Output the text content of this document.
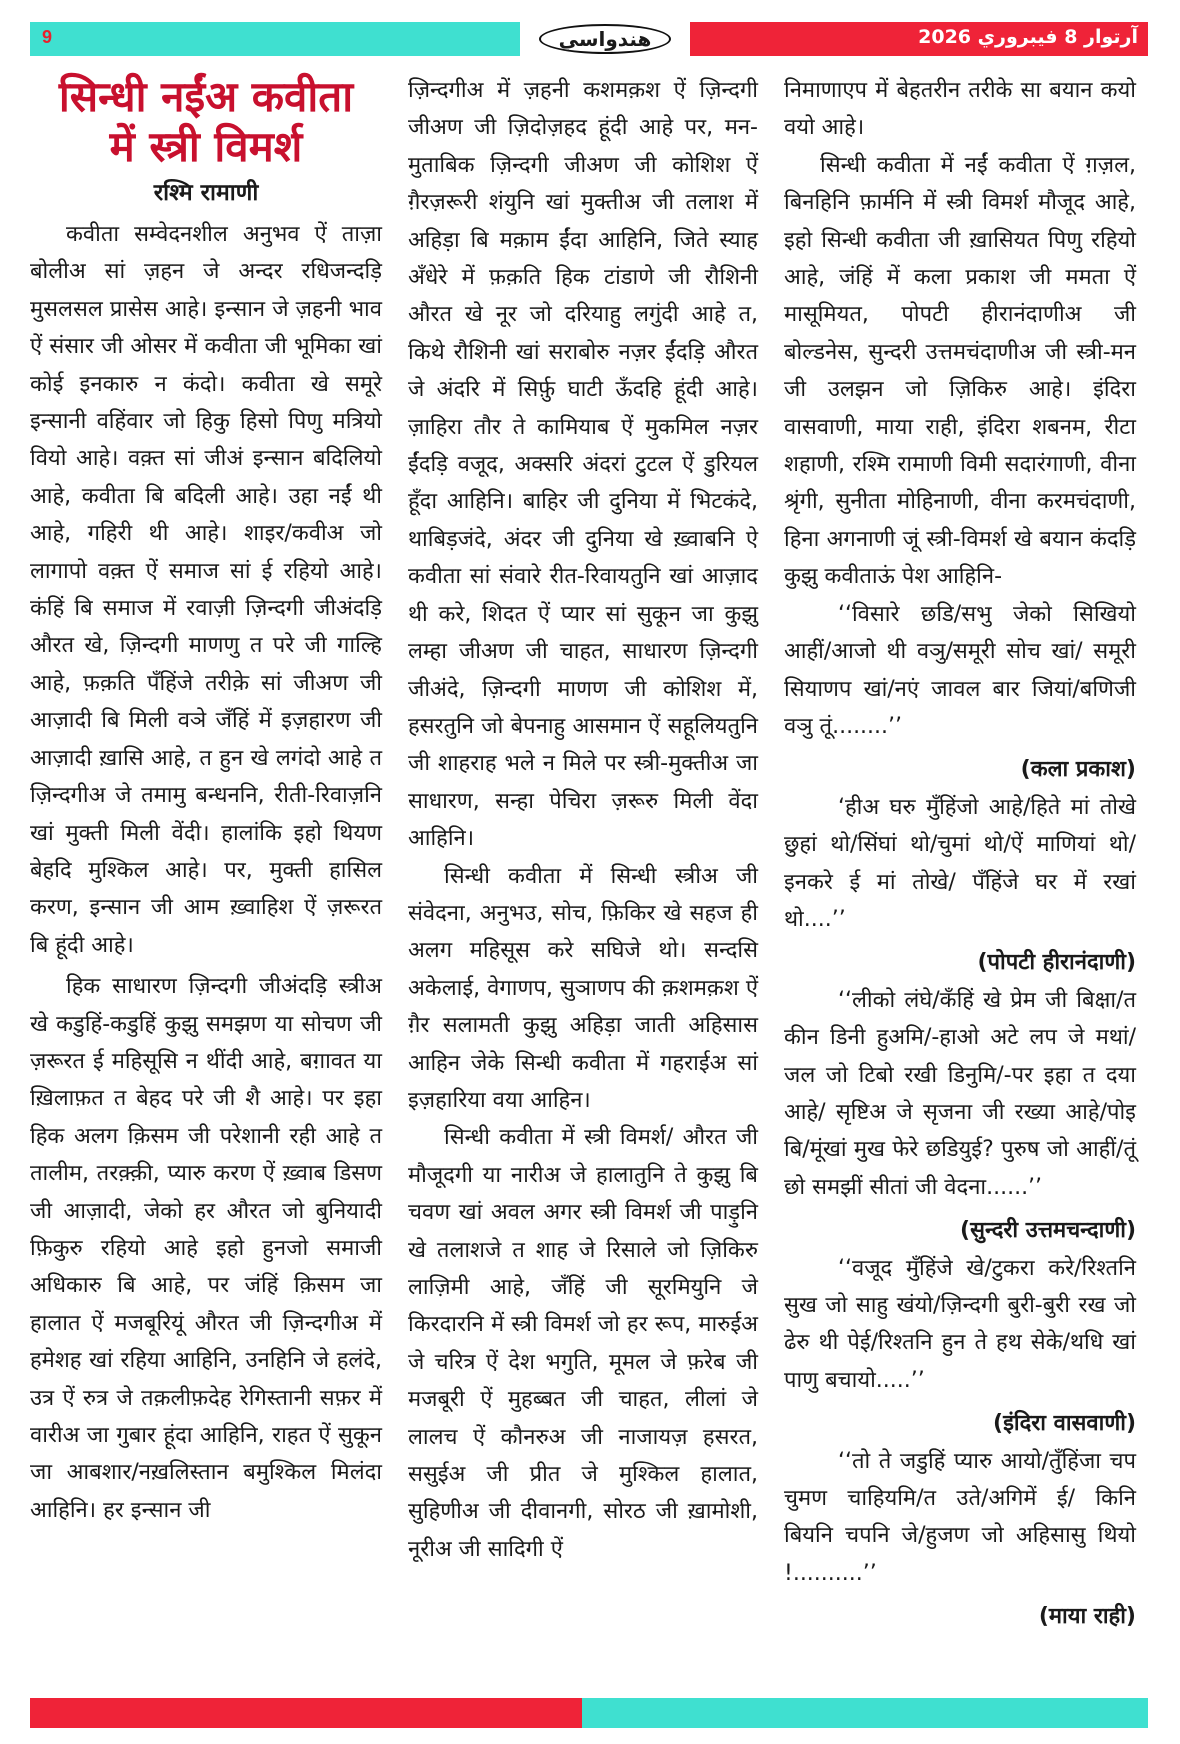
9	هندواسي	آرتوار 8 فيبروري 2026
सिन्धी नईंअ कवीता
में स्त्री विमर्श
रश्मि रामाणी

कवीता सम्वेदनशील अनुभव ऐं ताज़ा बोलीअ सां ज़हन जे अन्दर रधिजन्दड़ि मुसलसल प्रासेस आहे। इन्सान जे ज़हनी भाव ऐं संसार जी ओसर में कवीता जी भूमिका खां कोई इनकारु न कंदो। कवीता खे समूरे इन्सानी वहिंवार जो हिकु हिसो पिणु मत्रियो वियो आहे। वक़्त सां जीअं इन्सान बदिलियो आहे, कवीता बि बदिली आहे। उहा नईं थी आहे, गहिरी थी आहे। शाइर/कवीअ जो लागापो वक़्त ऐं समाज सां ई रहियो आहे। कंहिं बि समाज में रवाज़ी ज़िन्दगी जीअंदड़ि औरत खे, ज़िन्दगी माणणु त परे जी गाल्हि आहे, फ़क़ति पँहिंजे तरीक़े सां जीअण जी आज़ादी बि मिली वञे जँहिं में इज़हारण जी आज़ादी ख़ासि आहे, त हुन खे लगंदो आहे त ज़िन्दगीअ जे तमामु बन्धननि, रीती-रिवाज़नि खां मुक्ती मिली वेंदी। हालांकि इहो थियण बेहदि मुश्किल आहे। पर, मुक्ती हासिल करण, इन्सान जी आम ख़्वाहिश ऐं ज़रूरत बि हूंदी आहे।

हिक साधारण ज़िन्दगी जीअंदड़ि स्त्रीअ खे कडुहिं-कडुहिं कुझु समझण या सोचण जी ज़रूरत ई महिसूसि न थींदी आहे, बग़ावत या ख़िलाफ़त त बेहद परे जी शै आहे। पर इहा हिक अलग क़िसम जी परेशानी रही आहे त तालीम, तरक़्क़ी, प्यारु करण ऐं ख़्वाब डिसण जी आज़ादी, जेको हर औरत जो बुनियादी फ़िकुरु रहियो आहे इहो हुनजो समाजी अधिकारु बि आहे, पर जंहिं क़िसम जा हालात ऐं मजबूरियूं औरत जी ज़िन्दगीअ में हमेशह खां रहिया आहिनि, उनहिनि जे हलंदे, उत्र ऐं रुत्र जे तक़लीफ़देह रेगिस्तानी सफ़र में वारीअ जा गुबार हूंदा आहिनि, राहत ऐं सुकून जा आबशार/नख़लिस्तान बमुश्किल मिलंदा आहिनि। हर इन्सान जी

ज़िन्दगीअ में ज़हनी कशमक़श ऐं ज़िन्दगी जीअण जी ज़िदोज़हद हूंदी आहे पर, मन-मुताबिक ज़िन्दगी जीअण जी कोशिश ऐं ग़ैरज़रूरी शंयुनि खां मुक्तीअ जी तलाश में अहिड़ा बि मक़ाम ईंदा आहिनि, जिते स्याह अँधेरे में फ़क़ति हिक टांडाणे जी रौशिनी औरत खे नूर जो दरियाहु लगुंदी आहे त, किथे रौशिनी खां सराबोरु नज़र ईंदड़ि औरत जे अंदरि में सिर्फ़ु घाटी ऊँदहि हूंदी आहे। ज़ाहिरा तौर ते कामियाब ऐं मुकमिल नज़र ईंदड़ि वजूद, अक्सरि अंदरां टुटल ऐं डुरियल हूँदा आहिनि। बाहिर जी दुनिया में भिटकंदे, थाबिड़जंदे, अंदर जी दुनिया खे ख़्वाबनि ऐ कवीता सां संवारे रीत-रिवायतुनि खां आज़ाद थी करे, शिदत ऐं प्यार सां सुकून जा कुझु लम्हा जीअण जी चाहत, साधारण ज़िन्दगी जीअंदे, ज़िन्दगी माणण जी कोशिश में, हसरतुनि जो बेपनाहु आसमान ऐं सहूलियतुनि जी शाहराह भले न मिले पर स्त्री-मुक्तीअ जा साधारण, सन्हा पेचिरा ज़रूरु मिली वेंदा आहिनि।

सिन्धी कवीता में सिन्धी स्त्रीअ जी संवेदना, अनुभउ, सोच, फ़िकिर खे सहज ही अलग महिसूस करे सघिजे थो। सन्दसि अकेलाई, वेगाणप, सुञाणप की क़शमक़श ऐं ग़ैर सलामती कुझु अहिड़ा जाती अहिसास आहिन जेके सिन्धी कवीता में गहराईअ सां इज़हारिया वया आहिन।

सिन्धी कवीता में स्त्री विमर्श/ औरत जी मौजूदगी या नारीअ जे हालातुनि ते कुझु बि चवण खां अवल अगर स्त्री विमर्श जी पाड़ुनि खे तलाशजे त शाह जे रिसाले जो ज़िकिरु लाज़िमी आहे, जँहिं जी सूरमियुनि जे किरदारनि में स्त्री विमर्श जो हर रूप, मारुईअ जे चरित्र ऐं देश भगुति, मूमल जे फ़रेब जी मजबूरी ऐं मुहब्बत जी चाहत, लीलां जे लालच ऐं कौनरुअ जी नाजायज़ हसरत, ससुईअ जी प्रीत जे मुश्किल हालात, सुहिणीअ जी दीवानगी, सोरठ जी ख़ामोशी, नूरीअ जी सादिगी ऐं

निमाणाएप में बेहतरीन तरीके सा बयान कयो वयो आहे।

सिन्धी कवीता में नईं कवीता ऐं ग़ज़ल, बिनहिनि फ़ार्मनि में स्त्री विमर्श मौजूद आहे, इहो सिन्धी कवीता जी ख़ासियत पिणु रहियो आहे, जंहिं में कला प्रकाश जी ममता ऐं मासूमियत, पोपटी हीरानंदाणीअ जी बोल्डनेस, सुन्दरी उत्तमचंदाणीअ जी स्त्री-मन जी उलझन जो ज़िकिरु आहे। इंदिरा वासवाणी, माया राही, इंदिरा शबनम, रीटा शहाणी, रश्मि रामाणी विमी सदारंगाणी, वीना श्रृंगी, सुनीता मोहिनाणी, वीना करमचंदाणी, हिना अगनाणी जूं स्त्री-विमर्श खे बयान कंदड़ि कुझु कवीताऊं पेश आहिनि-

‘‘विसारे छडि/सभु जेको सिखियो आहीं/आजो थी वञु/समूरी सोच खां/ समूरी सियाणप खां/नएं जावल बार जियां/बणिजी वञु तूं........’’

(कला प्रकाश)

‘हीअ घरु मुँहिंजो आहे/हिते मां तोखे छुहां थो/सिंघां थो/चुमां थो/ऐं माणियां थो/इनकरे ई मां तोखे/ पँहिंजे घर में रखां थो....’’

(पोपटी हीरानंदाणी)

‘‘लीको लंघे/कँहिं खे प्रेम जी बिक्षा/त कीन डिनी हुअमि/-हाओ अटे लप जे मथां/जल जो टिबो रखी डिनुमि/-पर इहा त दया आहे/ सृष्टिअ जे सृजना जी रख्या आहे/पोइ बि/मूंखां मुख फेरे छडियुई? पुरुष जो आहीं/तूं छो समझीं सीतां जी वेदना......’’

(सुन्दरी उत्तमचन्दाणी)

‘‘वजूद मुँहिंजे खे/टुकरा करे/रिश्तनि सुख जो साहु खंयो/ज़िन्दगी बुरी-बुरी रख जो ढेरु थी पेई/रिश्तनि हुन ते हथ सेके/थधि खां पाणु बचायो.....’’

(इंदिरा वासवाणी)

‘‘तो ते जडुहिं प्यारु आयो/तुँहिंजा चप चुमण चाहियमि/त उते/अगिमें ई/ किनि बियनि चपनि जे/हुजण जो अहिसासु थियो !..........’’

(माया राही)
